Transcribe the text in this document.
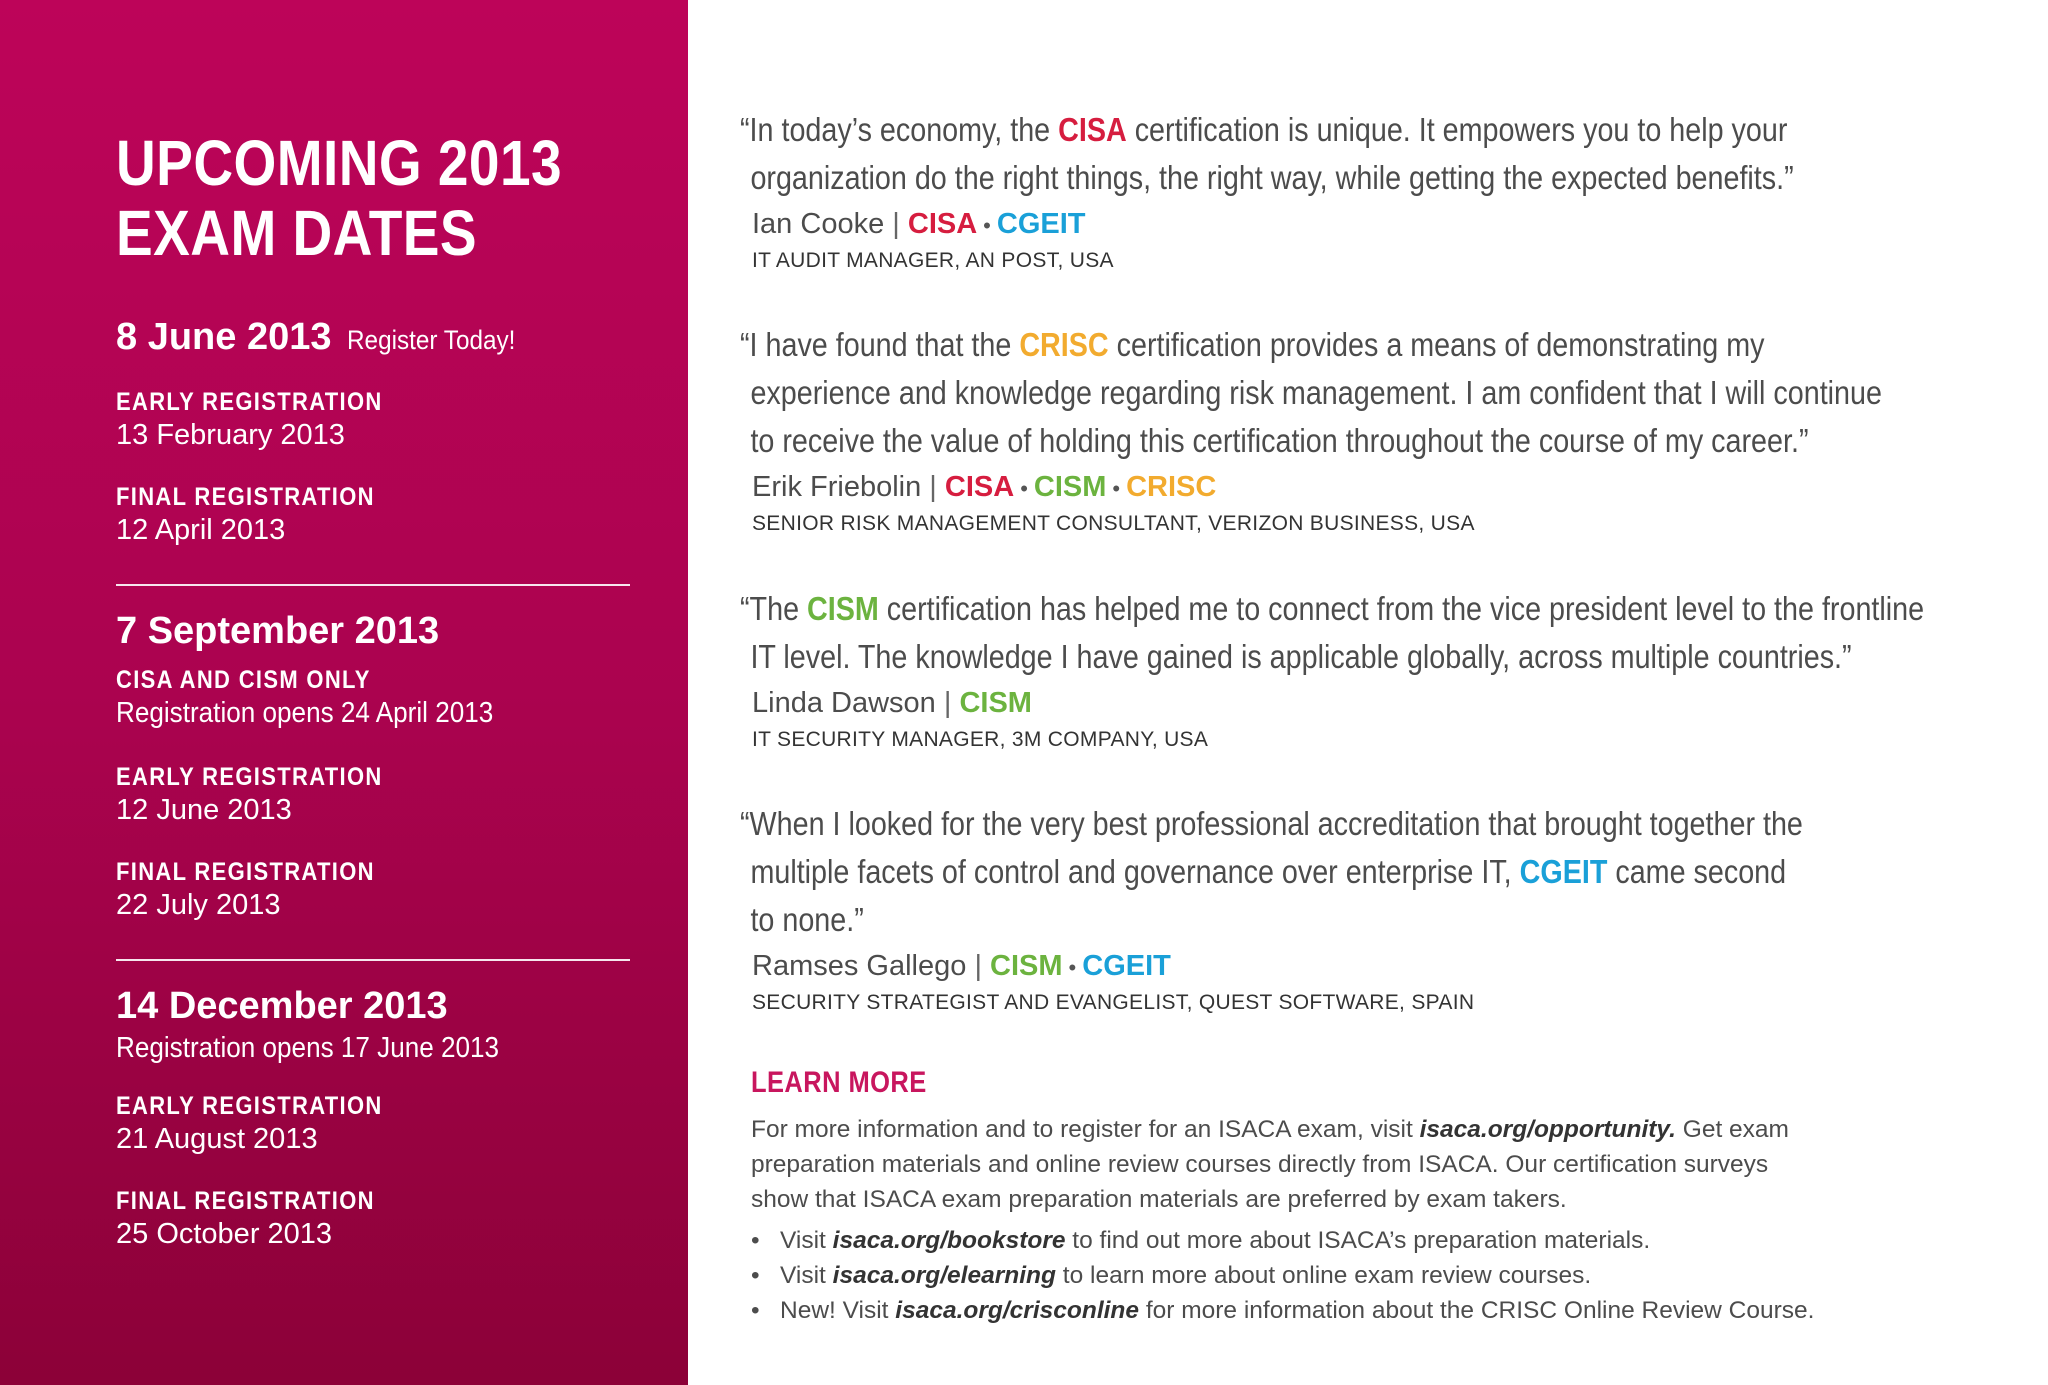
UPCOMING 2013
EXAM DATES
8 June 2013 Register Today!
EARLY REGISTRATION
13 February 2013
FINAL REGISTRATION
12 April 2013
7 September 2013
CISA AND CISM ONLY
Registration opens 24 April 2013
EARLY REGISTRATION
12 June 2013
FINAL REGISTRATION
22 July 2013
14 December 2013
Registration opens 17 June 2013
EARLY REGISTRATION
21 August 2013
FINAL REGISTRATION
25 October 2013
“In today’s economy, the CISA certification is unique. It empowers you to help your
organization do the right things, the right way, while getting the expected benefits.”
Ian Cooke | CISA • CGEIT
IT AUDIT MANAGER, AN POST, USA
“I have found that the CRISC certification provides a means of demonstrating my
experience and knowledge regarding risk management. I am confident that I will continue
to receive the value of holding this certification throughout the course of my career.”
Erik Friebolin | CISA • CISM • CRISC
SENIOR RISK MANAGEMENT CONSULTANT, VERIZON BUSINESS, USA
“The CISM certification has helped me to connect from the vice president level to the frontline
IT level. The knowledge I have gained is applicable globally, across multiple countries.”
Linda Dawson | CISM
IT SECURITY MANAGER, 3M COMPANY, USA
“When I looked for the very best professional accreditation that brought together the
multiple facets of control and governance over enterprise IT, CGEIT came second
to none.”
Ramses Gallego | CISM • CGEIT
SECURITY STRATEGIST AND EVANGELIST, QUEST SOFTWARE, SPAIN
LEARN MORE
For more information and to register for an ISACA exam, visit isaca.org/opportunity. Get exam
preparation materials and online review courses directly from ISACA. Our certification surveys
show that ISACA exam preparation materials are preferred by exam takers.
• Visit isaca.org/bookstore to find out more about ISACA’s preparation materials.
• Visit isaca.org/elearning to learn more about online exam review courses.
• New! Visit isaca.org/crisconline for more information about the CRISC Online Review Course.
